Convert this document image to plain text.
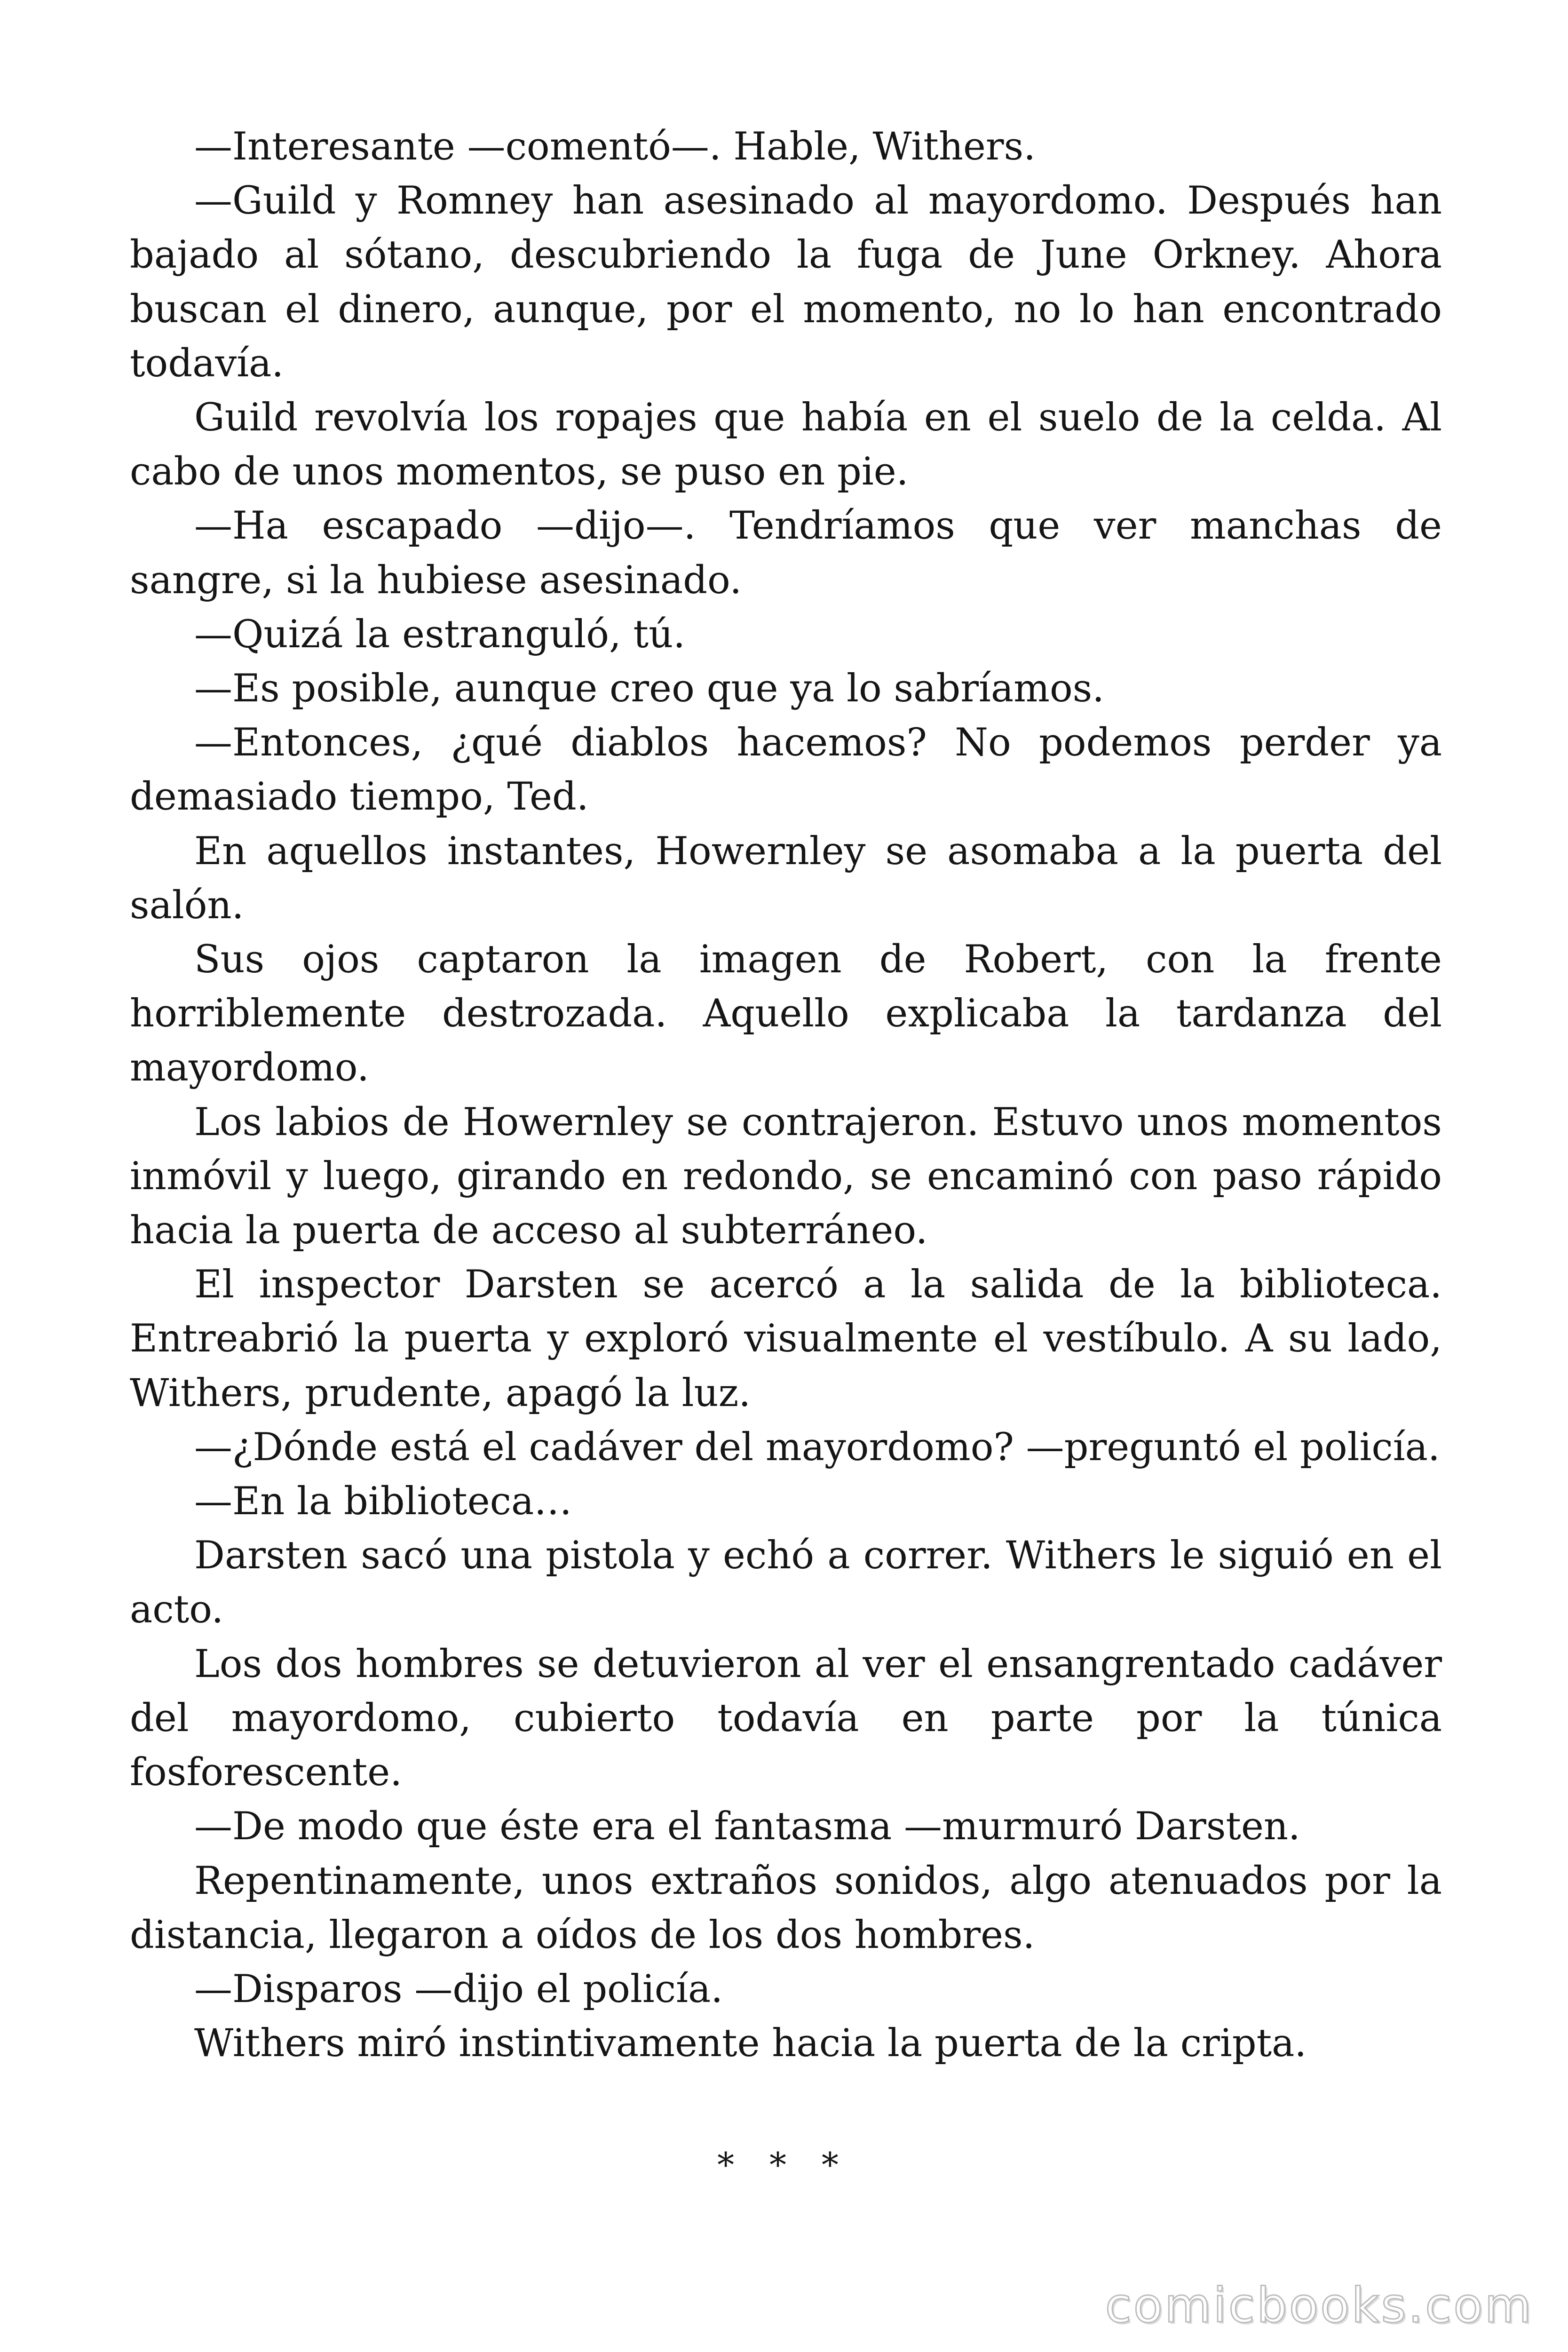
—Interesante —comentó—. Hable, Withers.

—Guild y Romney han asesinado al mayordomo. Después han bajado al sótano, descubriendo la fuga de June Orkney. Ahora buscan el dinero, aunque, por el momento, no lo han encontrado todavía.

Guild revolvía los ropajes que había en el suelo de la celda. Al cabo de unos momentos, se puso en pie.

—Ha escapado —dijo—. Tendríamos que ver manchas de sangre, si la hubiese asesinado.

—Quizá la estranguló, tú.

—Es posible, aunque creo que ya lo sabríamos.

—Entonces, ¿qué diablos hacemos? No podemos perder ya demasiado tiempo, Ted.

En aquellos instantes, Howernley se asomaba a la puerta del salón.

Sus ojos captaron la imagen de Robert, con la frente horriblemente destrozada. Aquello explicaba la tardanza del mayordomo.

Los labios de Howernley se contrajeron. Estuvo unos momentos inmóvil y luego, girando en redondo, se encaminó con paso rápido hacia la puerta de acceso al subterráneo.

El inspector Darsten se acercó a la salida de la biblioteca. Entreabrió la puerta y exploró visualmente el vestíbulo. A su lado, Withers, prudente, apagó la luz.

—¿Dónde está el cadáver del mayordomo? —preguntó el policía.

—En la biblioteca…

Darsten sacó una pistola y echó a correr. Withers le siguió en el acto.

Los dos hombres se detuvieron al ver el ensangrentado cadáver del mayordomo, cubierto todavía en parte por la túnica fosforescente.

—De modo que éste era el fantasma —murmuró Darsten.

Repentinamente, unos extraños sonidos, algo atenuados por la distancia, llegaron a oídos de los dos hombres.

—Disparos —dijo el policía.

Withers miró instintivamente hacia la puerta de la cripta.

* * *
comicbooks.com
